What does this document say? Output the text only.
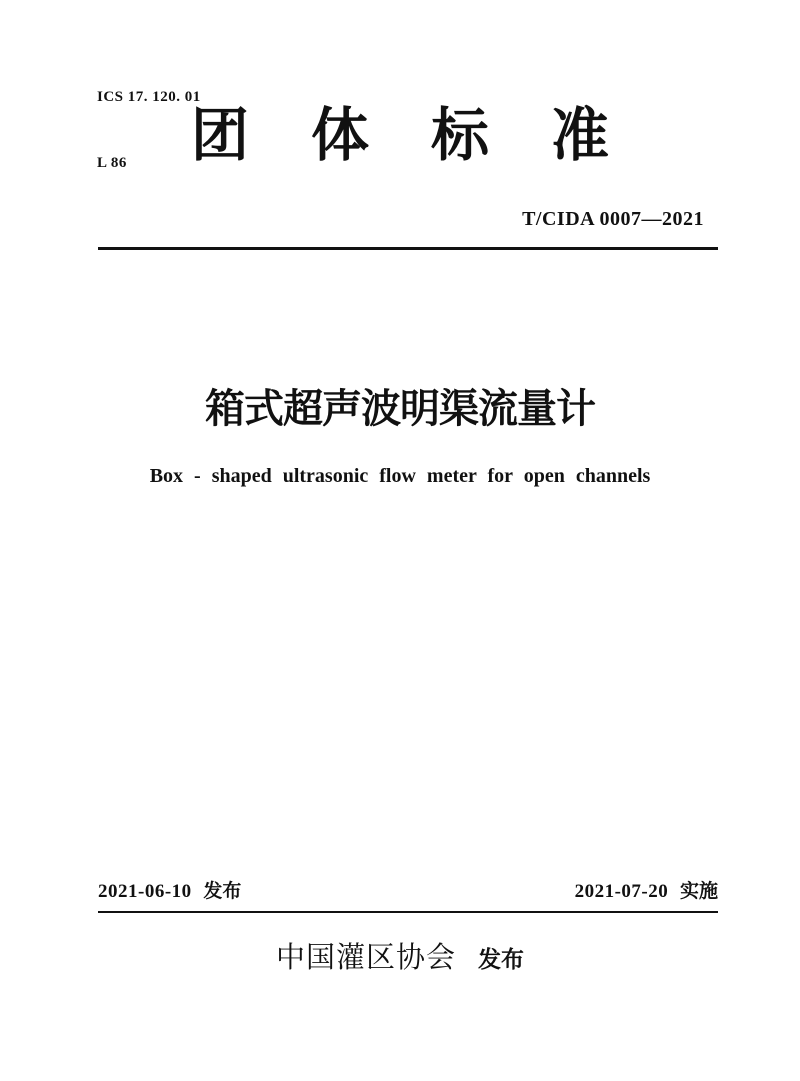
ICS 17. 120. 01

L 86

	团 体 标 准
T/CIDA 0007—2021
箱式超声波明渠流量计
Box - shaped ultrasonic flow meter for open channels
2021-06-10 发布	2021-07-20 实施
中国灌区协会 发布
